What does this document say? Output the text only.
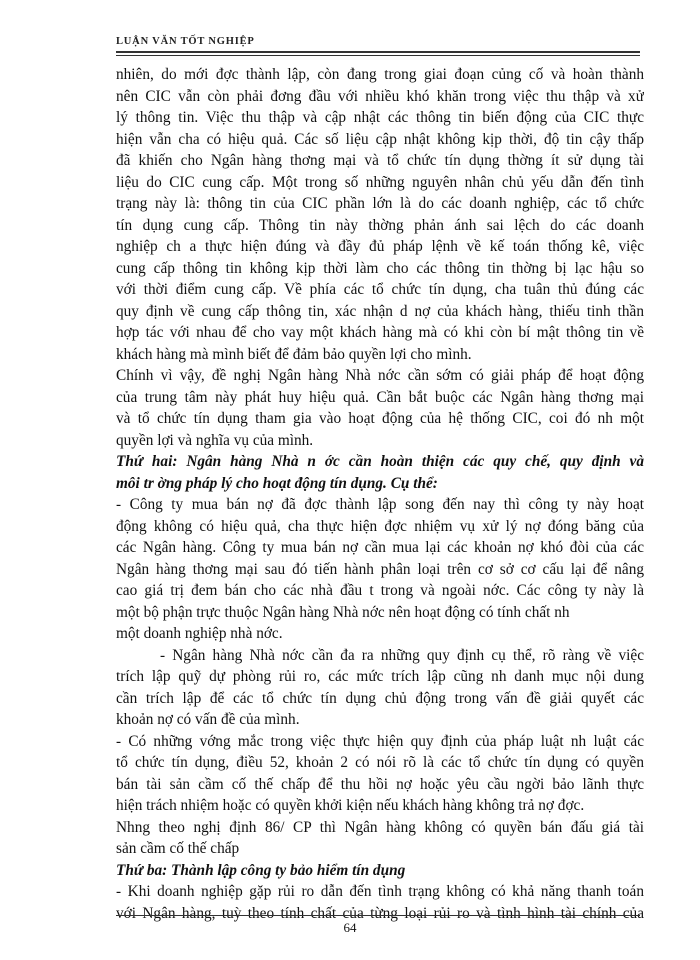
LUẬN VĂN TỐT NGHIỆP
nhiên, do mới đợc thành lập, còn đang trong giai đoạn củng cố và hoàn thành
nên CIC vẫn còn phải đơng đầu với nhiều khó khăn trong việc thu thập và xử
lý thông tin. Việc thu thập và cập nhật các thông tin biến động của CIC thực
hiện vẫn cha có hiệu quả. Các số liệu cập nhật không kịp thời, độ tin cậy thấp
đã khiến cho Ngân hàng thơng mại và tổ chức tín dụng thờng ít sử dụng tài
liệu do CIC cung cấp. Một trong số những nguyên nhân chủ yếu dẫn đến tình
trạng này là: thông tin của CIC phần lớn là do các doanh nghiệp, các tổ chức
tín dụng cung cấp. Thông tin này thờng phản ánh sai lệch do các doanh
nghiệp ch a thực hiện đúng và đầy đủ pháp lệnh về kế toán thống kê, việc
cung cấp thông tin không kịp thời làm cho các thông tin thờng bị lạc hậu so
với thời điểm cung cấp. Về phía các tổ chức tín dụng, cha tuân thủ đúng các
quy định về cung cấp thông tin, xác nhận d nợ của khách hàng, thiếu tinh thần
hợp tác với nhau để cho vay một khách hàng mà có khi còn bí mật thông tin về
khách hàng mà mình biết để đảm bảo quyền lợi cho mình.
Chính vì vậy, đề nghị Ngân hàng Nhà nớc cần sớm có giải pháp để hoạt động
của trung tâm này phát huy hiệu quả. Cần bắt buộc các Ngân hàng thơng mại
và tổ chức tín dụng tham gia vào hoạt động của hệ thống CIC, coi đó nh một
quyền lợi và nghĩa vụ của mình.
Thứ hai: Ngân hàng Nhà n ớc cần hoàn thiện các quy chế, quy định và
môi tr ờng pháp lý cho hoạt động tín dụng. Cụ thể:
- Công ty mua bán nợ đã đợc thành lập song đến nay thì công ty này hoạt
động không có hiệu quả, cha thực hiện đợc nhiệm vụ xử lý nợ đóng băng của
các Ngân hàng. Công ty mua bán nợ cần mua lại các khoản nợ khó đòi của các
Ngân hàng thơng mại sau đó tiến hành phân loại trên cơ sở cơ cấu lại để nâng
cao giá trị đem bán cho các nhà đầu t trong và ngoài nớc. Các công ty này là
một bộ phận trực thuộc Ngân hàng Nhà nớc nên hoạt động có tính chất nh
một doanh nghiệp nhà nớc.
- Ngân hàng Nhà nớc cần đa ra những quy định cụ thể, rõ ràng về việc
trích lập quỹ dự phòng rủi ro, các mức trích lập cũng nh danh mục nội dung
cần trích lập để các tổ chức tín dụng chủ động trong vấn đề giải quyết các
khoản nợ có vấn đề của mình.
- Có những vớng mắc trong việc thực hiện quy định của pháp luật nh luật các
tổ chức tín dụng, điều 52, khoản 2 có nói rõ là các tổ chức tín dụng có quyền
bán tài sản cầm cố thế chấp để thu hồi nợ hoặc yêu cầu ngời bảo lãnh thực
hiện trách nhiệm hoặc có quyền khởi kiện nếu khách hàng không trả nợ đợc.
Nhng theo nghị định 86/ CP thì Ngân hàng không có quyền bán đấu giá tài
sản cầm cố thế chấp
Thứ ba: Thành lập công ty bảo hiểm tín dụng
- Khi doanh nghiệp gặp rủi ro dẫn đến tình trạng không có khả năng thanh toán
với Ngân hàng, tuỳ theo tính chất của từng loại rủi ro và tình hình tài chính của
64
